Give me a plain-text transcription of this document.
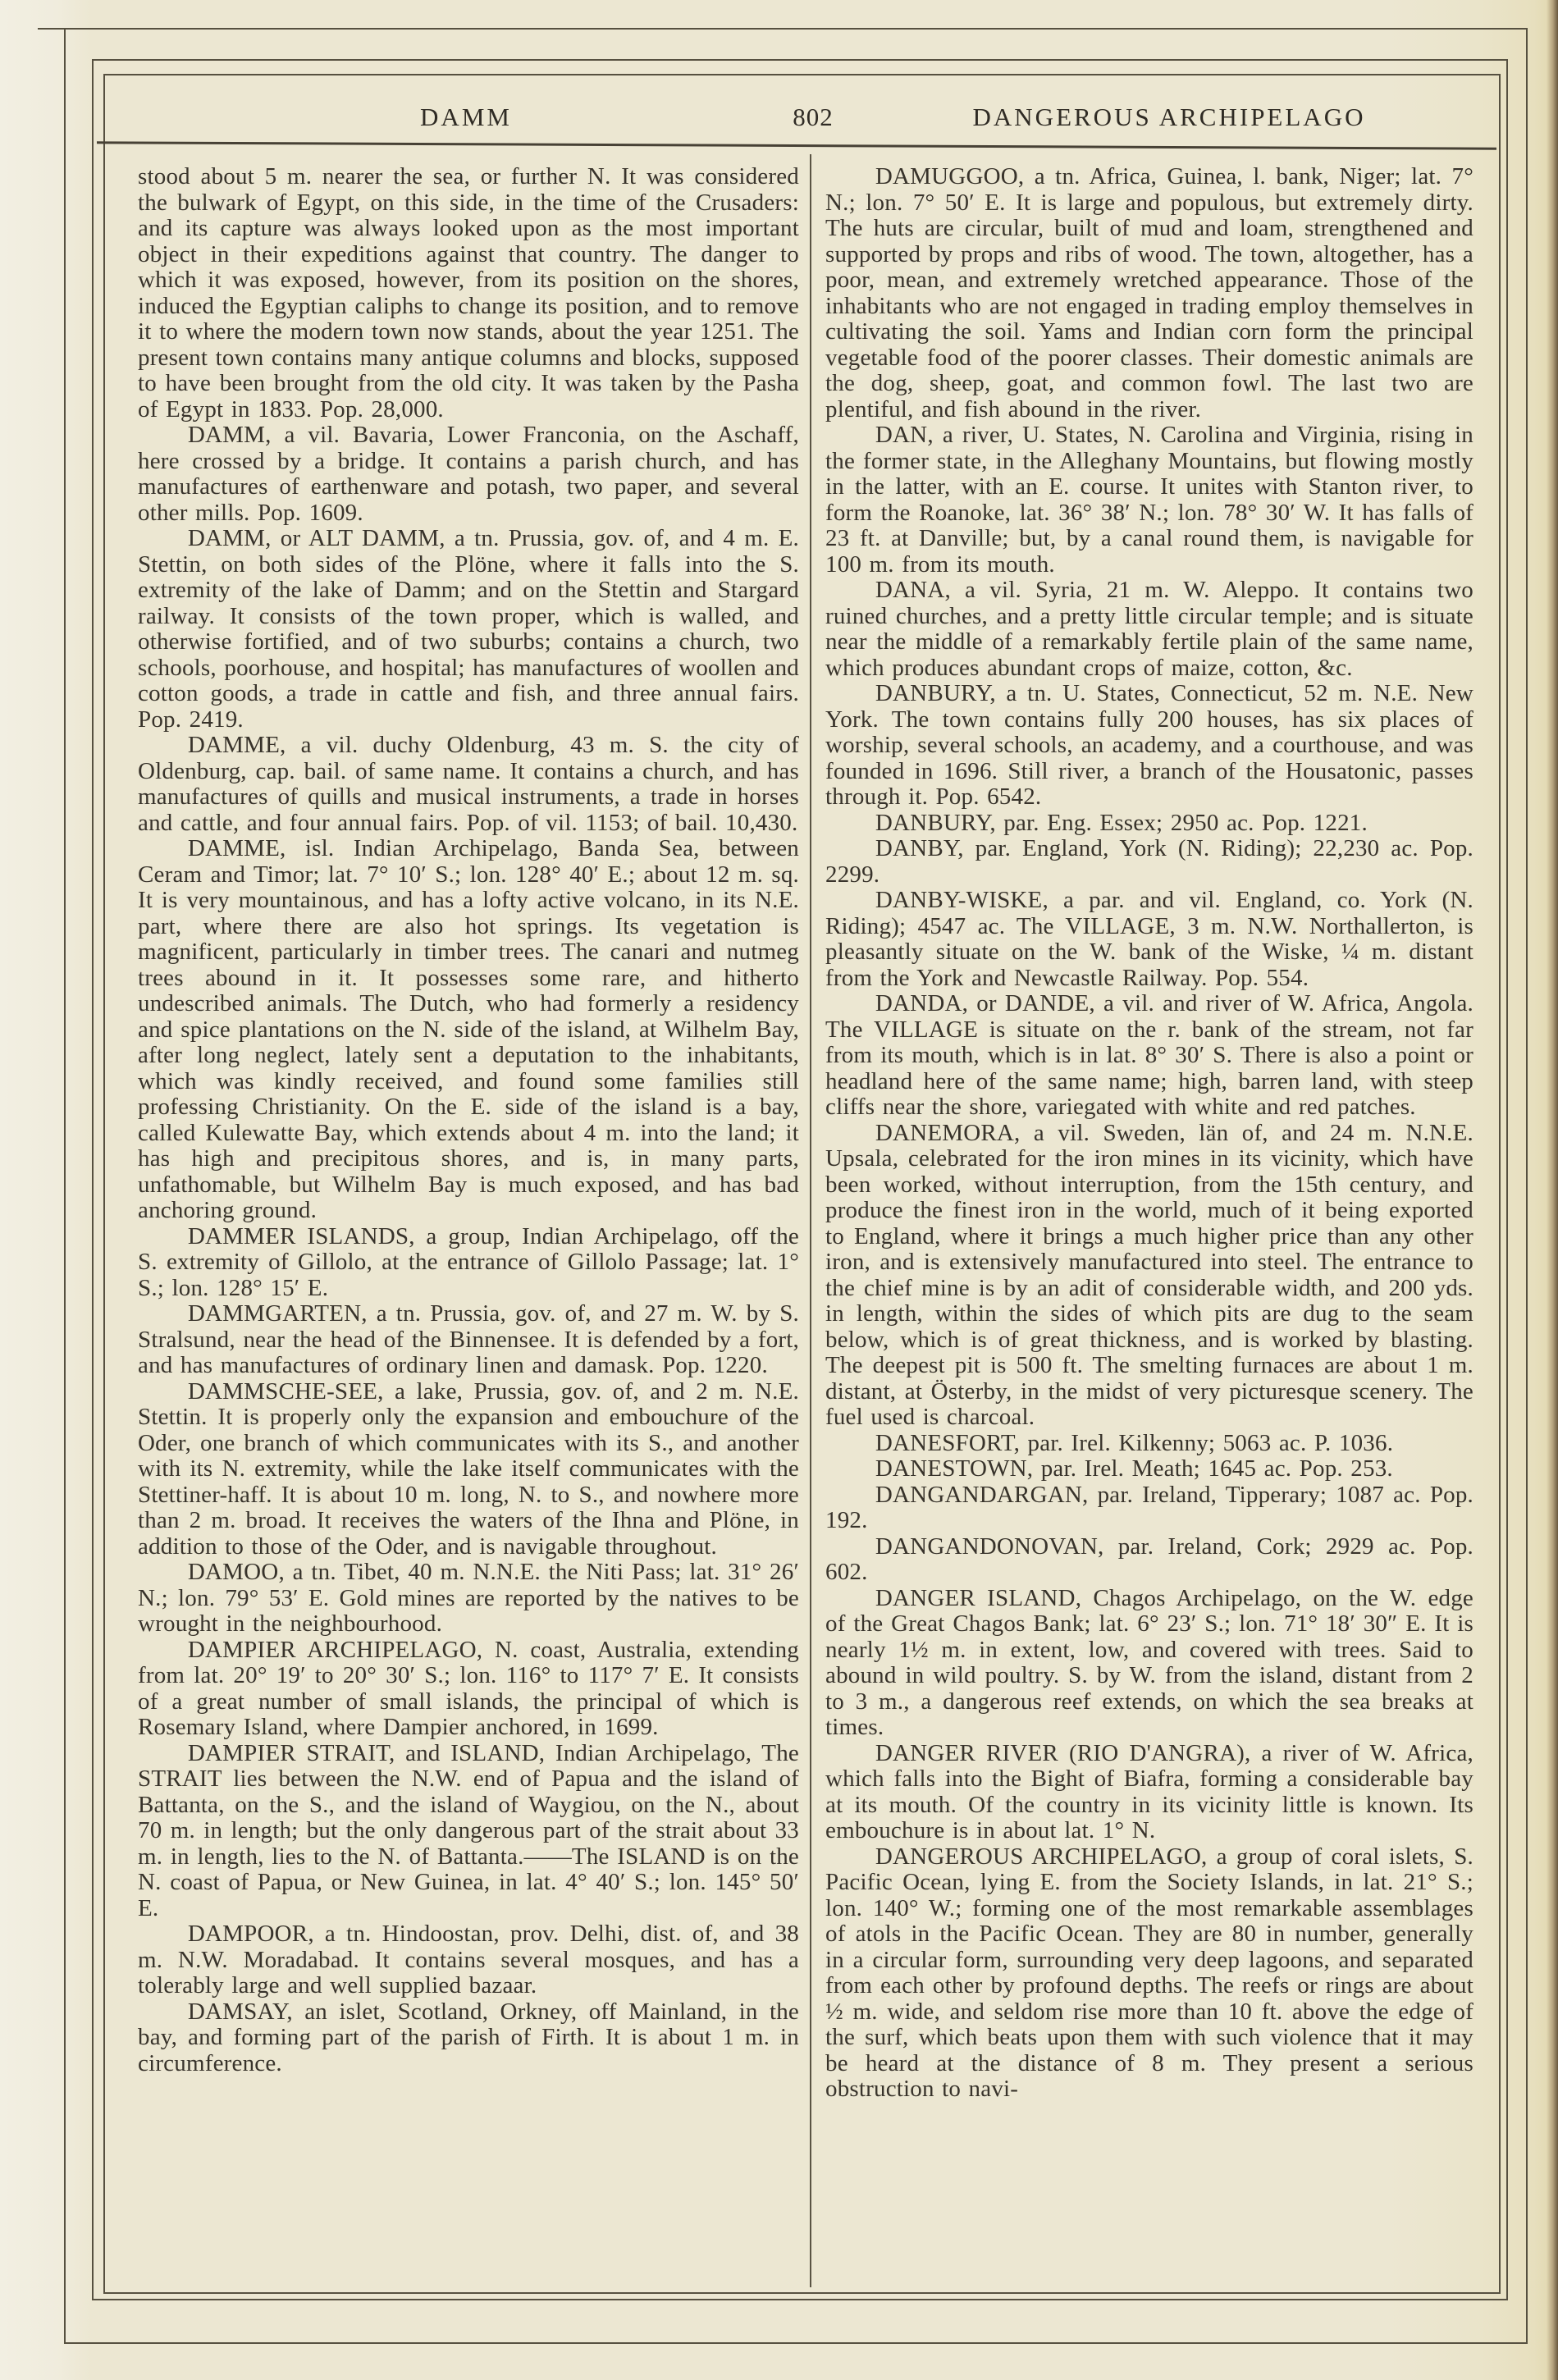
DAMM	802	DANGEROUS ARCHIPELAGO

stood about 5 m. nearer the sea, or further N. It was considered the bulwark of Egypt, on this side, in the time of the Crusaders: and its capture was always looked upon as the most important object in their expeditions against that country. The danger to which it was exposed, however, from its position on the shores, induced the Egyptian caliphs to change its position, and to remove it to where the modern town now stands, about the year 1251. The present town contains many antique columns and blocks, supposed to have been brought from the old city. It was taken by the Pasha of Egypt in 1833. Pop. 28,000.

DAMM, a vil. Bavaria, Lower Franconia, on the Aschaff, here crossed by a bridge. It contains a parish church, and has manufactures of earthenware and potash, two paper, and several other mills. Pop. 1609.

DAMM, or ALT DAMM, a tn. Prussia, gov. of, and 4 m. E. Stettin, on both sides of the Plöne, where it falls into the S. extremity of the lake of Damm; and on the Stettin and Stargard railway. It consists of the town proper, which is walled, and otherwise fortified, and of two suburbs; contains a church, two schools, poorhouse, and hospital; has manufactures of woollen and cotton goods, a trade in cattle and fish, and three annual fairs. Pop. 2419.

DAMME, a vil. duchy Oldenburg, 43 m. S. the city of Oldenburg, cap. bail. of same name. It contains a church, and has manufactures of quills and musical instruments, a trade in horses and cattle, and four annual fairs. Pop. of vil. 1153; of bail. 10,430.

DAMME, isl. Indian Archipelago, Banda Sea, between Ceram and Timor; lat. 7° 10′ S.; lon. 128° 40′ E.; about 12 m. sq. It is very mountainous, and has a lofty active volcano, in its N.E. part, where there are also hot springs. Its vegetation is magnificent, particularly in timber trees. The canari and nutmeg trees abound in it. It possesses some rare, and hitherto undescribed animals. The Dutch, who had formerly a residency and spice plantations on the N. side of the island, at Wilhelm Bay, after long neglect, lately sent a deputation to the inhabitants, which was kindly received, and found some families still professing Christianity. On the E. side of the island is a bay, called Kulewatte Bay, which extends about 4 m. into the land; it has high and precipitous shores, and is, in many parts, unfathomable, but Wilhelm Bay is much exposed, and has bad anchoring ground.

DAMMER ISLANDS, a group, Indian Archipelago, off the S. extremity of Gillolo, at the entrance of Gillolo Passage; lat. 1° S.; lon. 128° 15′ E.

DAMMGARTEN, a tn. Prussia, gov. of, and 27 m. W. by S. Stralsund, near the head of the Binnensee. It is defended by a fort, and has manufactures of ordinary linen and damask. Pop. 1220.

DAMMSCHE-SEE, a lake, Prussia, gov. of, and 2 m. N.E. Stettin. It is properly only the expansion and embouchure of the Oder, one branch of which communicates with its S., and another with its N. extremity, while the lake itself communicates with the Stettiner-haff. It is about 10 m. long, N. to S., and nowhere more than 2 m. broad. It receives the waters of the Ihna and Plöne, in addition to those of the Oder, and is navigable throughout.

DAMOO, a tn. Tibet, 40 m. N.N.E. the Niti Pass; lat. 31° 26′ N.; lon. 79° 53′ E. Gold mines are reported by the natives to be wrought in the neighbourhood.

DAMPIER ARCHIPELAGO, N. coast, Australia, extending from lat. 20° 19′ to 20° 30′ S.; lon. 116° to 117° 7′ E. It consists of a great number of small islands, the principal of which is Rosemary Island, where Dampier anchored, in 1699.

DAMPIER STRAIT, and ISLAND, Indian Archipelago, The STRAIT lies between the N.W. end of Papua and the island of Battanta, on the S., and the island of Waygiou, on the N., about 70 m. in length; but the only dangerous part of the strait about 33 m. in length, lies to the N. of Battanta.——The ISLAND is on the N. coast of Papua, or New Guinea, in lat. 4° 40′ S.; lon. 145° 50′ E.

DAMPOOR, a tn. Hindoostan, prov. Delhi, dist. of, and 38 m. N.W. Moradabad. It contains several mosques, and has a tolerably large and well supplied bazaar.

DAMSAY, an islet, Scotland, Orkney, off Mainland, in the bay, and forming part of the parish of Firth. It is about 1 m. in circumference.

DAMUGGOO, a tn. Africa, Guinea, l. bank, Niger; lat. 7° N.; lon. 7° 50′ E. It is large and populous, but extremely dirty. The huts are circular, built of mud and loam, strengthened and supported by props and ribs of wood. The town, altogether, has a poor, mean, and extremely wretched appearance. Those of the inhabitants who are not engaged in trading employ themselves in cultivating the soil. Yams and Indian corn form the principal vegetable food of the poorer classes. Their domestic animals are the dog, sheep, goat, and common fowl. The last two are plentiful, and fish abound in the river.

DAN, a river, U. States, N. Carolina and Virginia, rising in the former state, in the Alleghany Mountains, but flowing mostly in the latter, with an E. course. It unites with Stanton river, to form the Roanoke, lat. 36° 38′ N.; lon. 78° 30′ W. It has falls of 23 ft. at Danville; but, by a canal round them, is navigable for 100 m. from its mouth.

DANA, a vil. Syria, 21 m. W. Aleppo. It contains two ruined churches, and a pretty little circular temple; and is situate near the middle of a remarkably fertile plain of the same name, which produces abundant crops of maize, cotton, &c.

DANBURY, a tn. U. States, Connecticut, 52 m. N.E. New York. The town contains fully 200 houses, has six places of worship, several schools, an academy, and a courthouse, and was founded in 1696. Still river, a branch of the Housatonic, passes through it. Pop. 6542.

DANBURY, par. Eng. Essex; 2950 ac. Pop. 1221.

DANBY, par. England, York (N. Riding); 22,230 ac. Pop. 2299.

DANBY-WISKE, a par. and vil. England, co. York (N. Riding); 4547 ac. The VILLAGE, 3 m. N.W. Northallerton, is pleasantly situate on the W. bank of the Wiske, ¼ m. distant from the York and Newcastle Railway. Pop. 554.

DANDA, or DANDE, a vil. and river of W. Africa, Angola. The VILLAGE is situate on the r. bank of the stream, not far from its mouth, which is in lat. 8° 30′ S. There is also a point or headland here of the same name; high, barren land, with steep cliffs near the shore, variegated with white and red patches.

DANEMORA, a vil. Sweden, län of, and 24 m. N.N.E. Upsala, celebrated for the iron mines in its vicinity, which have been worked, without interruption, from the 15th century, and produce the finest iron in the world, much of it being exported to England, where it brings a much higher price than any other iron, and is extensively manufactured into steel. The entrance to the chief mine is by an adit of considerable width, and 200 yds. in length, within the sides of which pits are dug to the seam below, which is of great thickness, and is worked by blasting. The deepest pit is 500 ft. The smelting furnaces are about 1 m. distant, at Österby, in the midst of very picturesque scenery. The fuel used is charcoal.

DANESFORT, par. Irel. Kilkenny; 5063 ac. P. 1036.

DANESTOWN, par. Irel. Meath; 1645 ac. Pop. 253.

DANGANDARGAN, par. Ireland, Tipperary; 1087 ac. Pop. 192.

DANGANDONOVAN, par. Ireland, Cork; 2929 ac. Pop. 602.

DANGER ISLAND, Chagos Archipelago, on the W. edge of the Great Chagos Bank; lat. 6° 23′ S.; lon. 71° 18′ 30″ E. It is nearly 1½ m. in extent, low, and covered with trees. Said to abound in wild poultry. S. by W. from the island, distant from 2 to 3 m., a dangerous reef extends, on which the sea breaks at times.

DANGER RIVER (RIO D'ANGRA), a river of W. Africa, which falls into the Bight of Biafra, forming a considerable bay at its mouth. Of the country in its vicinity little is known. Its embouchure is in about lat. 1° N.

DANGEROUS ARCHIPELAGO, a group of coral islets, S. Pacific Ocean, lying E. from the Society Islands, in lat. 21° S.; lon. 140° W.; forming one of the most remarkable assemblages of atols in the Pacific Ocean. They are 80 in number, generally in a circular form, surrounding very deep lagoons, and separated from each other by profound depths. The reefs or rings are about ½ m. wide, and seldom rise more than 10 ft. above the edge of the surf, which beats upon them with such violence that it may be heard at the distance of 8 m. They present a serious obstruction to navi-
